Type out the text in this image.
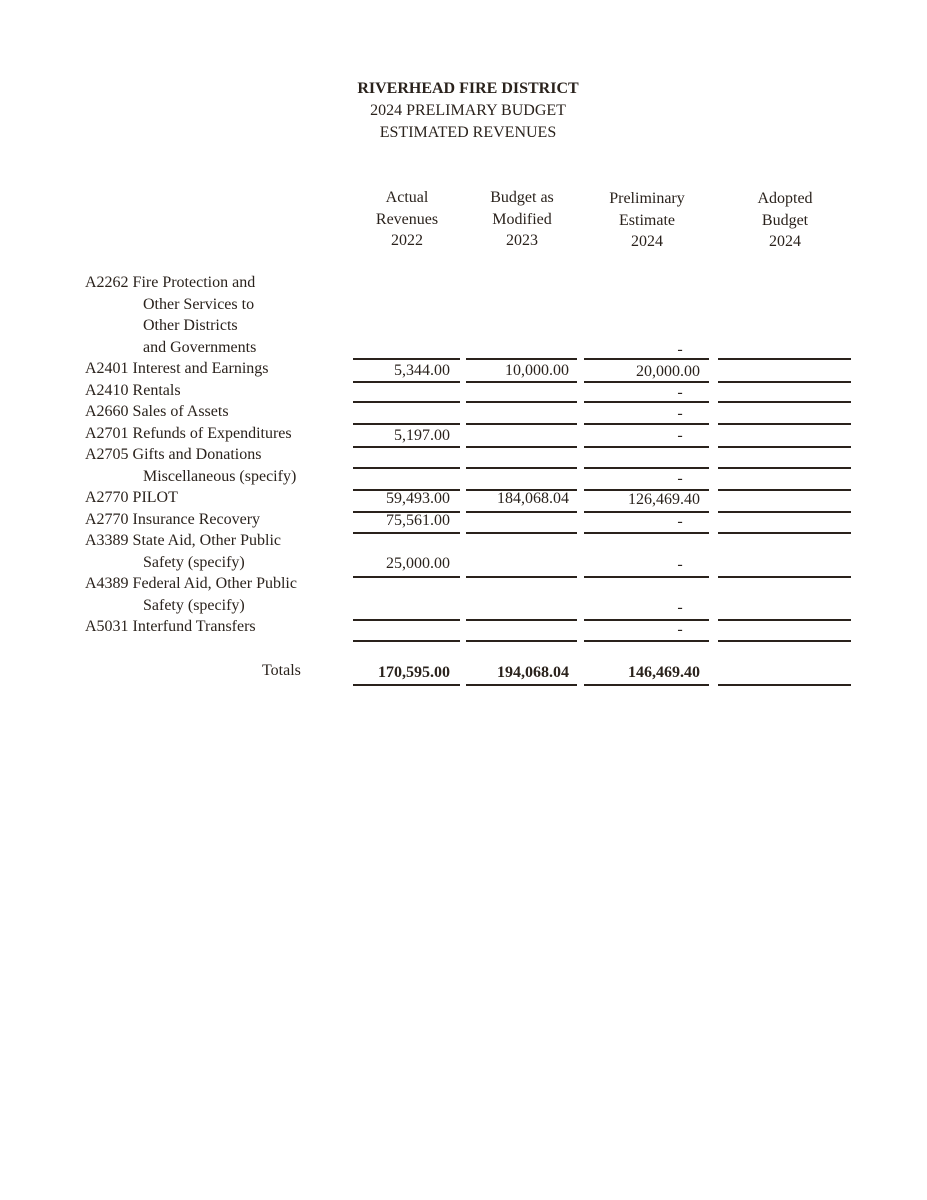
RIVERHEAD FIRE DISTRICT
2024 PRELIMARY BUDGET
ESTIMATED REVENUES
Actual
Revenues
2022
Budget as
Modified
2023
Preliminary
Estimate
2024
Adopted
Budget
2024
A2262 Fire Protection and
Other Services to
Other Districts
and Governments
A2401 Interest and Earnings
A2410 Rentals
A2660 Sales of Assets
A2701 Refunds of Expenditures
A2705 Gifts and Donations
Miscellaneous (specify)
A2770 PILOT
A2770 Insurance Recovery
A3389 State Aid, Other Public
Safety (specify)
A4389 Federal Aid, Other Public
Safety (specify)
A5031 Interfund Transfers
Totals
5,344.00
5,197.00
59,493.00
75,561.00
25,000.00
10,000.00
184,068.04
20,000.00
126,469.40
-
-
-
-
-
-
-
-
-
170,595.00	194,068.04	146,469.40
